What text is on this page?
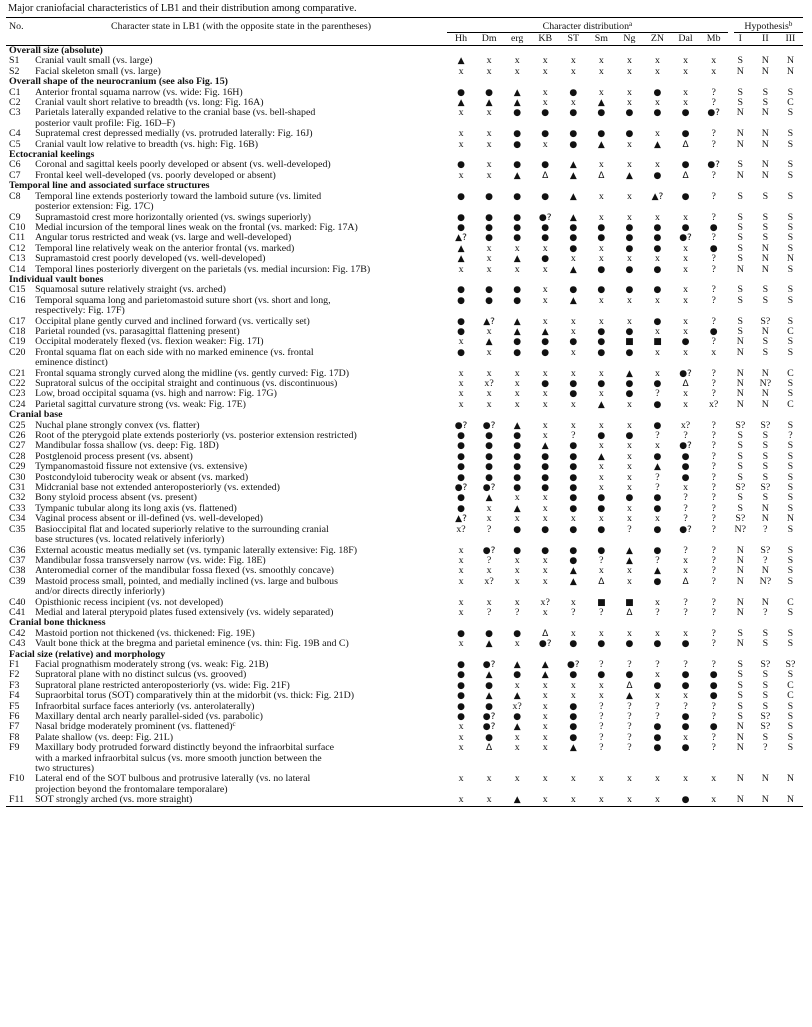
Major craniofacial characteristics of LB1 and their distribution among comparative.
No.	Character state in LB1 (with the opposite state in the parentheses)	Character distribution$^a$										Hypothesis$^b$

		Hh	Dm	erg	KB	ST	Sm	Ng	ZN	Dal	Mb	I	II	III
Overall size (absolute)														
S1	Cranial vault small (vs. large)	▲	x	x	x	x	x	x	x	x	x	S	N	N
S2	Facial skeleton small (vs. large)	x	x	x	x	x	x	x	x	x	x	N	N	N
Overall shape of the neurocranium (see also Fig. 15)														
C1	Anterior frontal squama narrow (vs. wide: Fig. 16H)	●	●	▲	x	●	x	x	●	x	?	S	S	S
C2	Cranial vault short relative to breadth (vs. long: Fig. 16A)	▲	▲	▲	x	x	▲	x	x	x	?	S	S	C
C3	Parietals laterally expanded relative to the cranial base (vs. bell-shaped
posterior vault profile: Fig. 16D–F)	x	x	●	●	●	●	●	●	●	●?	N	N	S
C4	Supratemal crest depressed medially (vs. protruded laterally: Fig. 16J)	x	x	●	●	●	●	●	x	●	?	N	N	S
C5	Cranial vault low relative to breadth (vs. high: Fig. 16B)	x	x	●	x	●	▲	x	▲	Δ	?	N	N	S
Ectocranial keelings														
C6	Coronal and sagittal keels poorly developed or absent (vs. well-developed)	●	x	●	●	▲	x	x	x	●	●?	S	N	S
C7	Frontal keel well-developed (vs. poorly developed or absent)	x	x	▲	Δ	▲	Δ	▲	●	Δ	?	N	N	S
Temporal line and associated surface structures														
C8	Temporal line extends posteriorly toward the lamboid suture (vs. limited
posterior extension: Fig. 17C)	●	●	●	●	▲	x	x	▲?	●	?	S	S	S
C9	Supramastoid crest more horizontally oriented (vs. swings superiorly)	●	●	●	●?	▲	x	x	x	x	?	S	S	S
C10	Medial incursion of the temporal lines weak on the frontal (vs. marked: Fig. 17A)	●	●	●	●	●	●	●	●	●	●	S	S	S
C11	Angular torus restricted and weak (vs. large and well-developed)	▲?	●	●	●	●	●	●	●	●?	?	S	S	S
C12	Temporal line relatively weak on the anterior frontal (vs. marked)	▲	x	x	x	●	x	●	●	x	●	S	N	S
C13	Supramastoid crest poorly developed (vs. well-developed)	▲	x	▲	●	x	x	x	x	x	?	S	N	N
C14	Temporal lines posteriorly divergent on the parietals (vs. medial incursion: Fig. 17B)	x	x	x	x	▲	●	●	●	x	?	N	N	S
Individual vault bones														
C15	Squamosal suture relatively straight (vs. arched)	●	●	●	x	●	●	●	●	x	?	S	S	S
C16	Temporal squama long and parietomastoid suture short (vs. short and long,
respectively: Fig. 17F)	●	●	●	x	▲	x	x	x	x	?	S	S	S
C17	Occipital plane gently curved and inclined forward (vs. vertically set)	●	▲?	▲	x	x	x	x	●	x	?	S	S?	S
C18	Parietal rounded (vs. parasagittal flattening present)	●	x	▲	▲	x	●	●	x	x	●	S	N	C
C19	Occipital moderately flexed (vs. flexion weaker: Fig. 17I)	x	▲	●	●	●	●	■	■	●	?	N	S	S
C20	Frontal squama flat on each side with no marked eminence (vs. frontal
eminence distinct)	●	x	●	●	x	●	●	x	x	x	N	S	S
C21	Frontal squama strongly curved along the midline (vs. gently curved: Fig. 17D)	x	x	x	x	x	x	▲	x	●?	?	N	N	C
C22	Supratoral sulcus of the occipital straight and continuous (vs. discontinuous)	x	x?	x	●	●	●	●	●	Δ	?	N	N?	S
C23	Low, broad occipital squama (vs. high and narrow: Fig. 17G)	x	x	x	x	●	x	●	?	x	?	N	N	S
C24	Parietal sagittal curvature strong (vs. weak: Fig. 17E)	x	x	x	x	x	▲	x	●	x	x?	N	N	C
Cranial base														
C25	Nuchal plane strongly convex (vs. flatter)	●?	●?	▲	x	x	x	x	●	x?	?	S?	S?	S
C26	Root of the pterygoid plate extends posteriorly (vs. posterior extension restricted)	●	●	●	x	?	●	●	?	?	?	S	S	?
C27	Mandibular fossa shallow (vs. deep: Fig. 18D)	●	●	●	▲	●	x	x	x	●?	?	S	S	S
C28	Postglenoid process present (vs. absent)	●	●	●	●	●	▲	x	●	●	?	S	S	S
C29	Tympanomastoid fissure not extensive (vs. extensive)	●	●	●	●	●	x	x	▲	●	?	S	S	S
C30	Postcondyloid tuberocity weak or absent (vs. marked)	●	●	●	●	●	x	x	?	●	?	S	S	S
C31	Midcranial base not extended anteroposteriorly (vs. extended)	●?	●?	●	●	●	x	x	?	x	?	S?	S?	S
C32	Bony styloid process absent (vs. present)	●	▲	x	x	●	●	●	●	?	?	S	S	S
C33	Tympanic tubular along its long axis (vs. flattened)	●	x	▲	x	●	●	x	●	?	?	S	N	S
C34	Vaginal process absent or ill-defined (vs. well-developed)	▲?	x	x	x	x	x	x	x	?	?	S?	N	N
C35	Basioccipital flat and located superiorly relative to the surrounding cranial
base structures (vs. located relatively inferiorly)	x?	?	●	●	●	●	?	●	●?	?	N?	?	S
C36	External acoustic meatus medially set (vs. tympanic laterally extensive: Fig. 18F)	x	●?	●	●	●	●	▲	●	?	?	N	S?	S
C37	Mandibular fossa transversely narrow (vs. wide: Fig. 18E)	x	?	x	x	●	?	▲	?	x	?	N	?	S
C38	Anteromedial corner of the mandibular fossa flexed (vs. smoothly concave)	x	x	x	x	▲	x	x	▲	x	?	N	N	S
C39	Mastoid process small, pointed, and medially inclined (vs. large and bulbous
and/or directs directly inferiorly)	x	x?	x	x	▲	Δ	x	●	Δ	?	N	N?	S
C40	Opisthionic recess incipient (vs. not developed)	x	x	x	x?	x	■	■	x	?	?	N	N	C
C41	Medial and lateral pterypoid plates fused extensively (vs. widely separated)	x	?	?	x	?	?	Δ	?	?	?	N	?	S
Cranial bone thickness														
C42	Mastoid portion not thickened (vs. thickened: Fig. 19E)	●	●	●	Δ	x	x	x	x	x	?	S	S	S
C43	Vault bone thick at the bregma and parietal eminence (vs. thin: Fig. 19B and C)	x	▲	x	●?	●	●	●	●	●	?	N	S	S
Facial size (relative) and morphology														
F1	Facial prognathism moderately strong (vs. weak: Fig. 21B)	●	●?	▲	▲	●?	?	?	?	?	?	S	S?	S?
F2	Supratoral plane with no distinct sulcus (vs. grooved)	●	▲	●	▲	●	●	●	x	●	●	S	S	S
F3	Supratoral plane restricted anteroposteriorly (vs. wide: Fig. 21F)	●	●	x	x	x	x	Δ	●	●	●	S	S	C
F4	Supraorbital torus (SOT) comparatively thin at the midorbit (vs. thick: Fig. 21D)	●	▲	▲	x	x	x	▲	x	x	●	S	S	C
F5	Infraorbital surface faces anteriorly (vs. anterolaterally)	●	●	x?	x	●	?	?	?	?	?	S	S	S
F6	Maxillary dental arch nearly parallel-sided (vs. parabolic)	●	●?	●	x	●	?	?	?	●	?	S	S?	S
F7	Nasal bridge moderately prominent (vs. flattened)$^c$	x	●?	▲	x	●	?	?	●	●	●	N	S?	S
F8	Palate shallow (vs. deep: Fig. 21L)	x	●	x	x	●	?	?	●	x	?	N	S	S
F9	Maxillary body protruded forward distinctly beyond the infraorbital surface
with a marked infraorbital sulcus (vs. more smooth junction between the
two structures)	x	Δ	x	x	▲	?	?	●	●	?	N	?	S
F10	Lateral end of the SOT bulbous and protrusive laterally (vs. no lateral
projection beyond the frontomalare temporalare)	x	x	x	x	x	x	x	x	x	x	N	N	N
F11	SOT strongly arched (vs. more straight)	x	x	▲	x	x	x	x	x	●	x	N	N	N
